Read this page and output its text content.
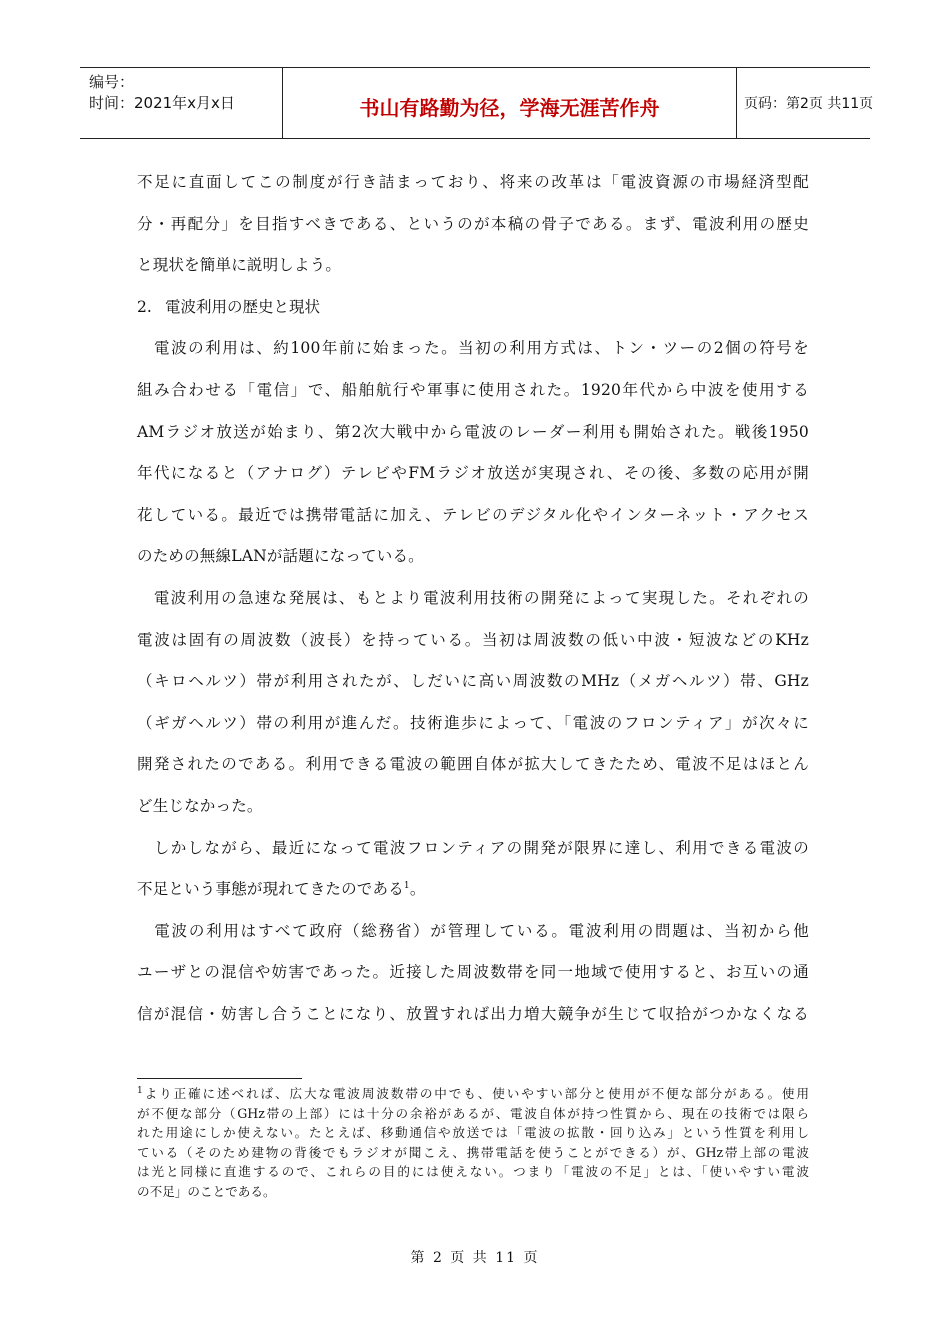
编号：
时间：2021年x月x日	书山有路勤为径，学海无涯苦作舟	页码：第2页 共11页
不足に直面してこの制度が行き詰まっており、将来の改革は「電波資源の市場経済型配
分・再配分」を目指すべきである、というのが本稿の骨子である。まず、電波利用の歴史
と現状を簡単に説明しよう。
2. 電波利用の歴史と現状
　電波の利用は、約100年前に始まった。当初の利用方式は、トン・ツーの2個の符号を
組み合わせる「電信」で、船舶航行や軍事に使用された。1920年代から中波を使用する
AMラジオ放送が始まり、第2次大戦中から電波のレーダー利用も開始された。戦後1950
年代になると（アナログ）テレビやFMラジオ放送が実現され、その後、多数の応用が開
花している。最近では携帯電話に加え、テレビのデジタル化やインターネット・アクセス
のための無線LANが話題になっている。
　電波利用の急速な発展は、もとより電波利用技術の開発によって実現した。それぞれの
電波は固有の周波数（波長）を持っている。当初は周波数の低い中波・短波などのKHz
（キロヘルツ）帯が利用されたが、しだいに高い周波数のMHz（メガヘルツ）帯、GHz
（ギガヘルツ）帯の利用が進んだ。技術進歩によって、「電波のフロンティア」が次々に
開発されたのである。利用できる電波の範囲自体が拡大してきたため、電波不足はほとん
ど生じなかった。
　しかしながら、最近になって電波フロンティアの開発が限界に達し、利用できる電波の
不足という事態が現れてきたのである$^1$。
　電波の利用はすべて政府（総務省）が管理している。電波利用の問題は、当初から他
ユーザとの混信や妨害であった。近接した周波数帯を同一地域で使用すると、お互いの通
信が混信・妨害し合うことになり、放置すれば出力増大競争が生じて収拾がつかなくなる
$^1$より正確に述べれば、広大な電波周波数帯の中でも、使いやすい部分と使用が不便な部分がある。使用
が不便な部分（GHz帯の上部）には十分の余裕があるが、電波自体が持つ性質から、現在の技術では限ら
れた用途にしか使えない。たとえば、移動通信や放送では「電波の拡散・回り込み」という性質を利用し
ている（そのため建物の背後でもラジオが聞こえ、携帯電話を使うことができる）が、GHz帯上部の電波
は光と同様に直進するので、これらの目的には使えない。つまり「電波の不足」とは、「使いやすい電波
の不足」のことである。
第 2 页 共 11 页
